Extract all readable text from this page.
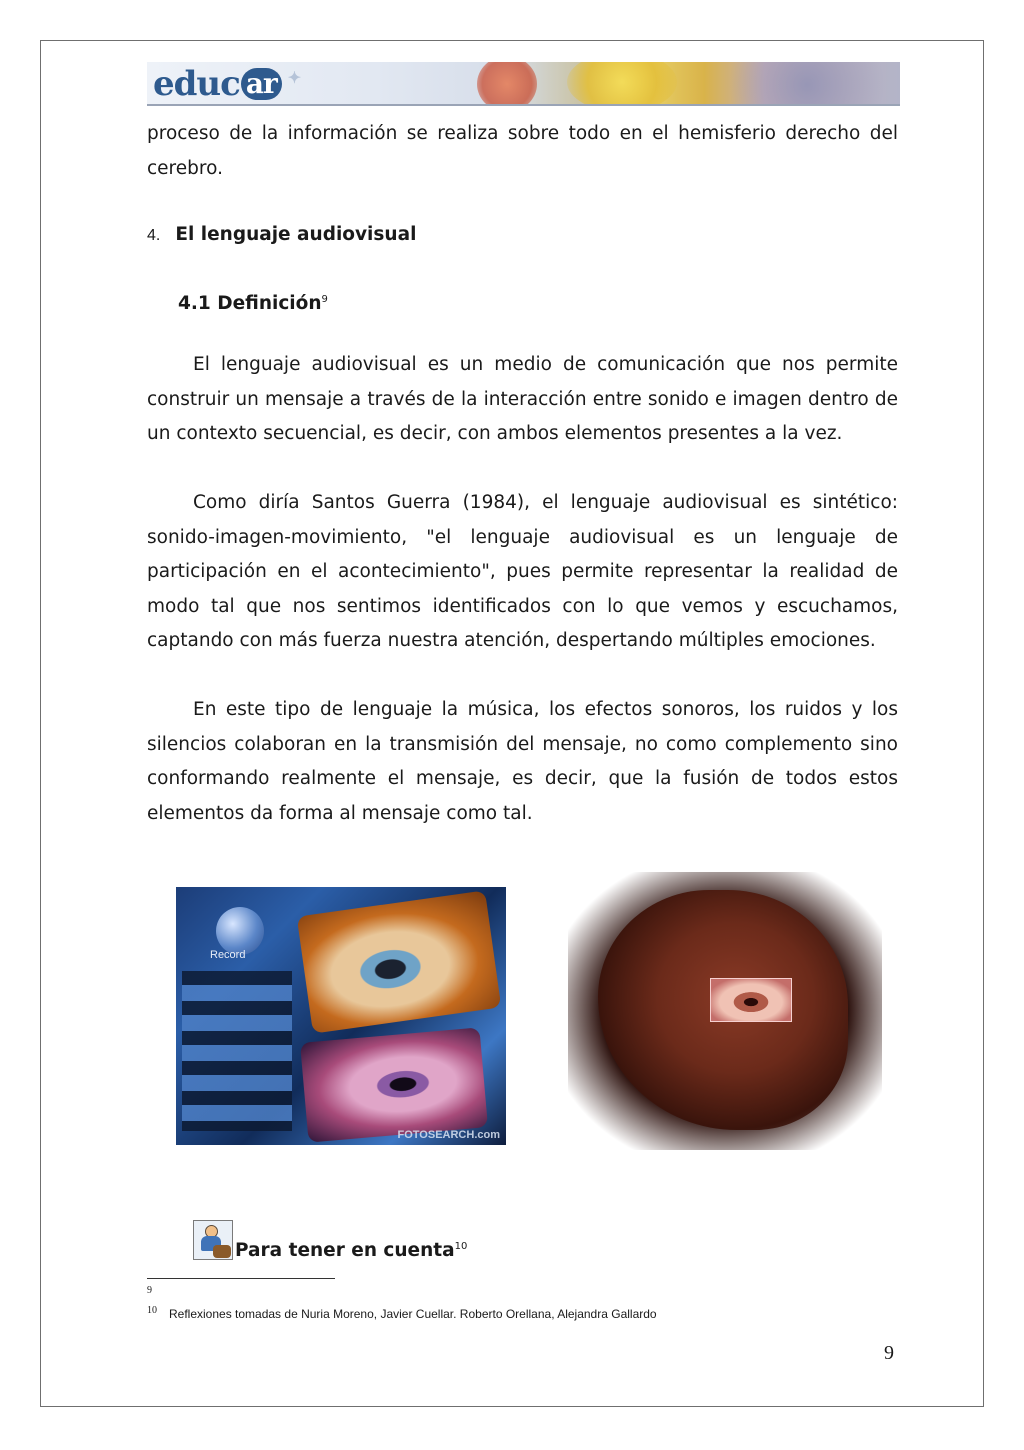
educ ar ✦

proceso de la información se realiza sobre todo en el hemisferio derecho del cerebro.

4. El lenguaje audiovisual
4.1 Definición$^9$

El lenguaje audiovisual es un medio de comunicación que nos permite construir un mensaje a través de la interacción entre sonido e imagen dentro de un contexto secuencial, es decir, con ambos elementos presentes a la vez.

Como diría Santos Guerra (1984), el lenguaje audiovisual es sintético: sonido-imagen-movimiento, "el lenguaje audiovisual es un lenguaje de participación en el acontecimiento", pues permite representar la realidad de modo tal que nos sentimos identificados con lo que vemos y escuchamos, captando con más fuerza nuestra atención, despertando múltiples emociones.

En este tipo de lenguaje la música, los efectos sonoros, los ruidos y los silencios colaboran en la transmisión del mensaje, no como complemento sino conformando realmente el mensaje, es decir, que la fusión de todos estos elementos da forma al mensaje como tal.

Record
FOTOSEARCH.com
Para tener en cuenta$^{10}$
9
$^{10}$ Reflexiones tomadas de Nuria Moreno, Javier Cuellar. Roberto Orellana, Alejandra Gallardo
9
